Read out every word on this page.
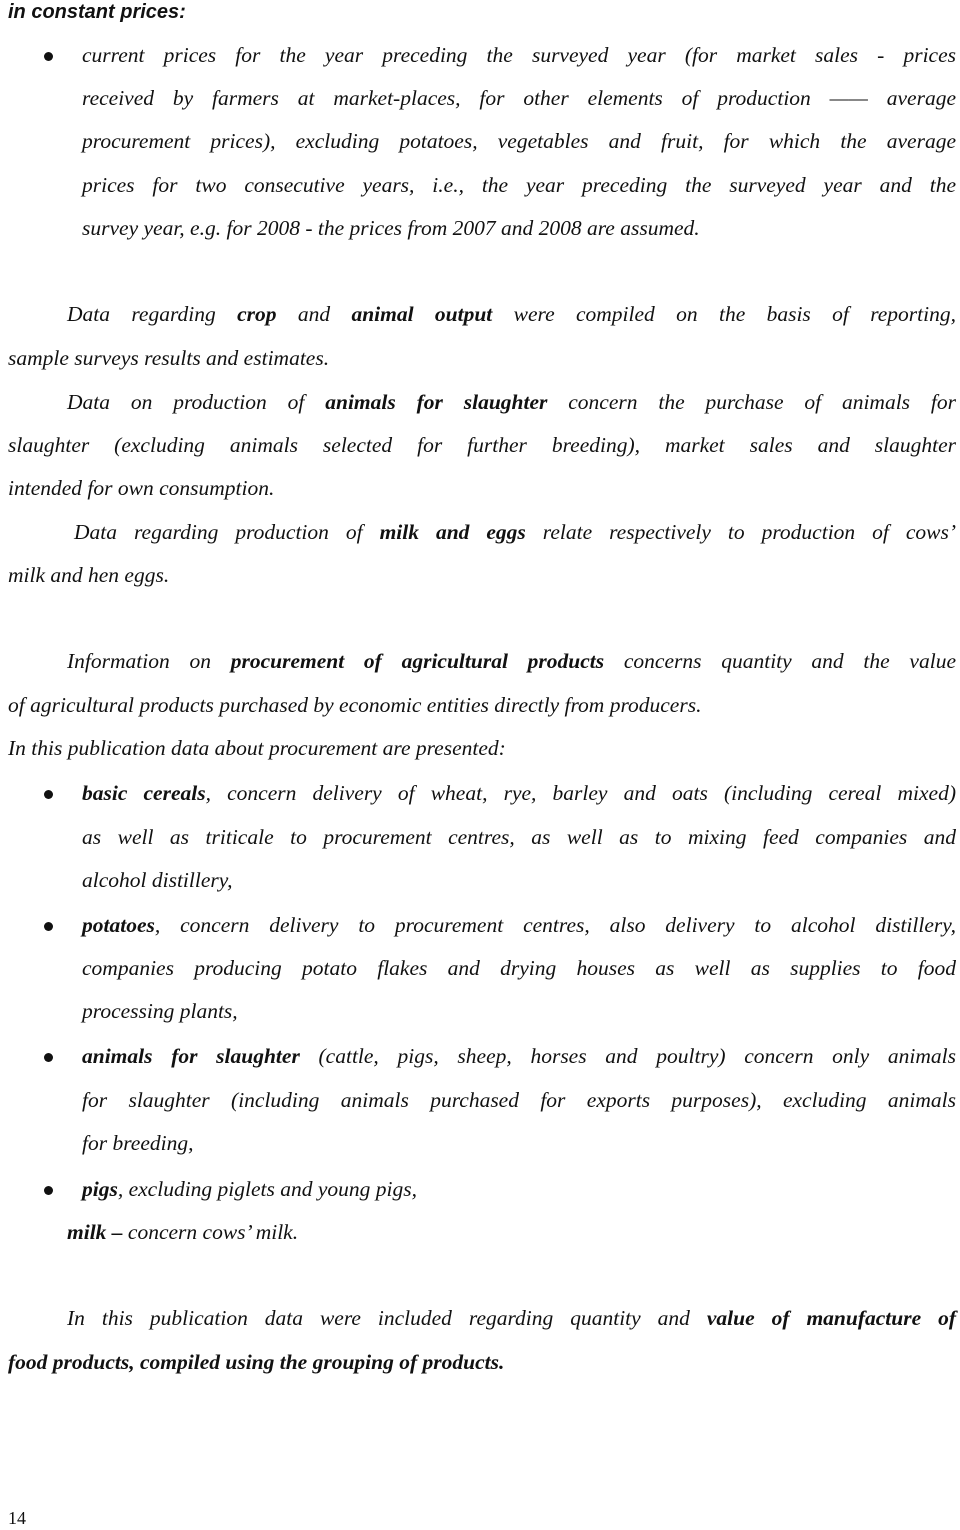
in constant prices:

current prices for the year preceding the surveyed year (for market sales - prices

received by farmers at market-places, for other elements of production —— average

procurement prices), excluding potatoes, vegetables and fruit, for which the average

prices for two consecutive years, i.e., the year preceding the surveyed year and the

survey year, e.g. for 2008 - the prices from 2007 and 2008 are assumed.

Data regarding crop and animal output were compiled on the basis of reporting,

sample surveys results and estimates.

Data on production of animals for slaughter concern the purchase of animals for

slaughter (excluding animals selected for further breeding), market sales and slaughter

intended for own consumption.

Data regarding production of milk and eggs relate respectively to production of cows’

milk and hen eggs.

Information on procurement of agricultural products concerns quantity and the value

of agricultural products purchased by economic entities directly from producers.

In this publication data about procurement are presented:

basic cereals, concern delivery of wheat, rye, barley and oats (including cereal mixed)

as well as triticale to procurement centres, as well as to mixing feed companies and

alcohol distillery,

potatoes, concern delivery to procurement centres, also delivery to alcohol distillery,

companies producing potato flakes and drying houses as well as supplies to food

processing plants,

animals for slaughter (cattle, pigs, sheep, horses and poultry) concern only animals

for slaughter (including animals purchased for exports purposes), excluding animals

for breeding,

pigs, excluding piglets and young pigs,

milk – concern cows’ milk.

In this publication data were included regarding quantity and value of manufacture of

food products, compiled using the grouping of products.

14
